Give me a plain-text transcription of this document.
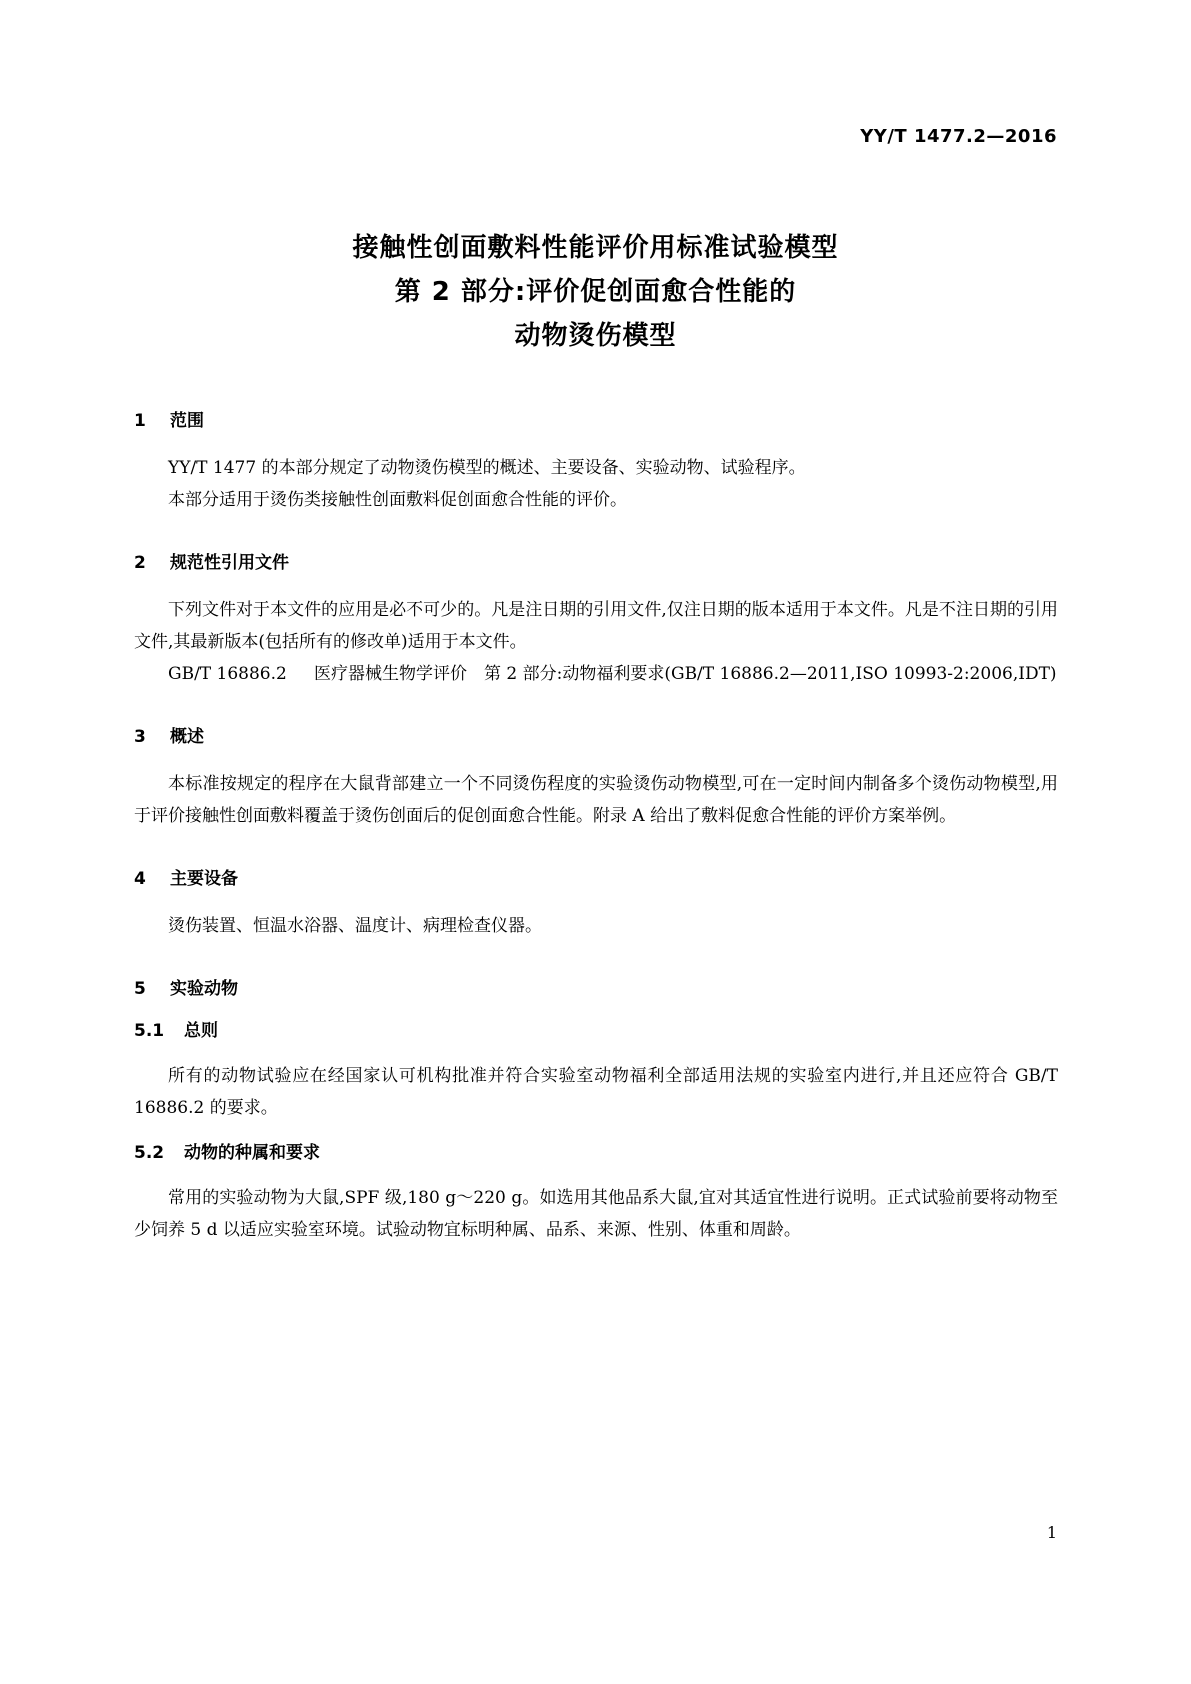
YY/T 1477.2—2016

接触性创面敷料性能评价用标准试验模型
第 2 部分:评价促创面愈合性能的
动物烫伤模型
1 范围

YY/T 1477 的本部分规定了动物烫伤模型的概述、主要设备、实验动物、试验程序。

本部分适用于烫伤类接触性创面敷料促创面愈合性能的评价。

2 规范性引用文件

下列文件对于本文件的应用是必不可少的。凡是注日期的引用文件,仅注日期的版本适用于本文件。凡是不注日期的引用文件,其最新版本(包括所有的修改单)适用于本文件。

GB/T 16886.2 医疗器械生物学评价　第 2 部分:动物福利要求(GB/T 16886.2—2011,ISO 10993-2:2006,IDT)

3 概述

本标准按规定的程序在大鼠背部建立一个不同烫伤程度的实验烫伤动物模型,可在一定时间内制备多个烫伤动物模型,用于评价接触性创面敷料覆盖于烫伤创面后的促创面愈合性能。附录 A 给出了敷料促愈合性能的评价方案举例。

4 主要设备

烫伤装置、恒温水浴器、温度计、病理检查仪器。

5 实验动物
5.1 总则

所有的动物试验应在经国家认可机构批准并符合实验室动物福利全部适用法规的实验室内进行,并且还应符合 GB/T 16886.2 的要求。

5.2 动物的种属和要求

常用的实验动物为大鼠,SPF 级,180 g～220 g。如选用其他品系大鼠,宜对其适宜性进行说明。正式试验前要将动物至少饲养 5 d 以适应实验室环境。试验动物宜标明种属、品系、来源、性别、体重和周龄。

1
